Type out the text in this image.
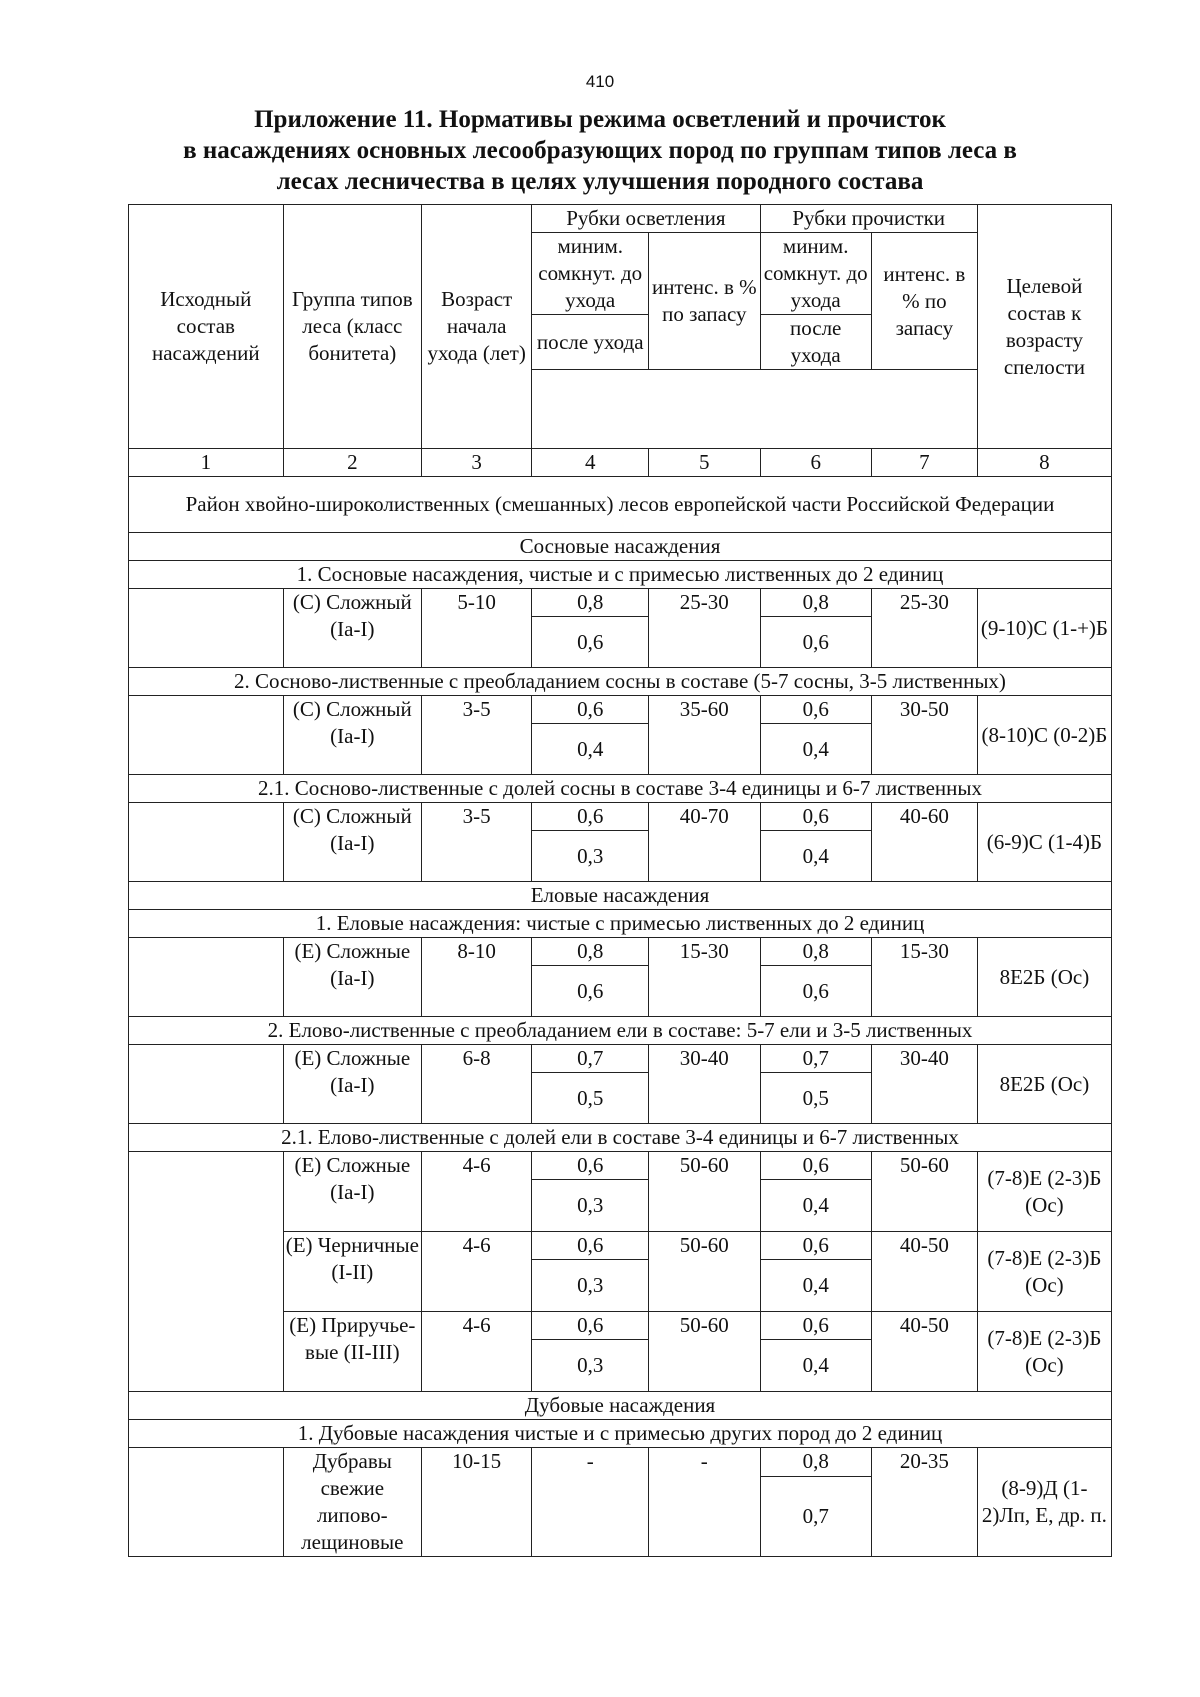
410
Приложение 11. Нормативы режима осветлений и прочисток
в насаждениях основных лесообразующих пород по группам типов леса в
лесах лесничества в целях улучшения породного состава
Исходный состав насаждений	Группа типов леса (класс бонитета)	Возраст начала ухода (лет)	Рубки осветления		Рубки прочистки		Целевой состав к возрасту спелости
			миним. сомкнут. до ухода	интенс. в % по запасу	миним. сомкнут. до ухода	интенс. в % по запасу	
			после ухода		после ухода		

1	2	3	4	5	6	7	8
Район хвойно-широколиственных (смешанных) лесов европейской части Российской Федерации							
Сосновые насаждения							
1. Сосновые насаждения, чистые и с примесью лиственных до 2 единиц							
	(С) Сложный (Ia-I)	5-10	0,8	25-30	0,8	25-30	(9-10)С (1-+)Б
			0,6		0,6		
2. Сосново-лиственные с преобладанием сосны в составе (5-7 сосны, 3-5 лиственных)							
	(С) Сложный (Ia-I)	3-5	0,6	35-60	0,6	30-50	(8-10)С (0-2)Б
			0,4		0,4		
2.1. Сосново-лиственные с долей сосны в составе 3-4 единицы и 6-7 лиственных							
	(С) Сложный (Ia-I)	3-5	0,6	40-70	0,6	40-60	(6-9)С (1-4)Б
			0,3		0,4		
Еловые насаждения							
1. Еловые насаждения: чистые с примесью лиственных до 2 единиц							
	(Е) Сложные (Ia-I)	8-10	0,8	15-30	0,8	15-30	8Е2Б (Ос)
			0,6		0,6		
2. Елово-лиственные с преобладанием ели в составе: 5-7 ели и 3-5 лиственных							
	(Е) Сложные (Ia-I)	6-8	0,7	30-40	0,7	30-40	8Е2Б (Ос)
			0,5		0,5		
2.1. Елово-лиственные с долей ели в составе 3-4 единицы и 6-7 лиственных							
	(Е) Сложные (Ia-I)	4-6	0,6	50-60	0,6	50-60	(7-8)Е (2-3)Б (Ос)
			0,3		0,4		
	(Е) Черничные (I-II)	4-6	0,6	50-60	0,6	40-50	(7-8)Е (2-3)Б (Ос)
			0,3		0,4		
	(Е) Приручье-вые (II-III)	4-6	0,6	50-60	0,6	40-50	(7-8)Е (2-3)Б (Ос)
			0,3		0,4		
Дубовые насаждения							
1. Дубовые насаждения чистые и с примесью других пород до 2 единиц							
	Дубравы свежие липово-лещиновые	10-15	-	-	0,8	20-35	(8-9)Д (1-2)Лп, Е, др. п.
					0,7		
